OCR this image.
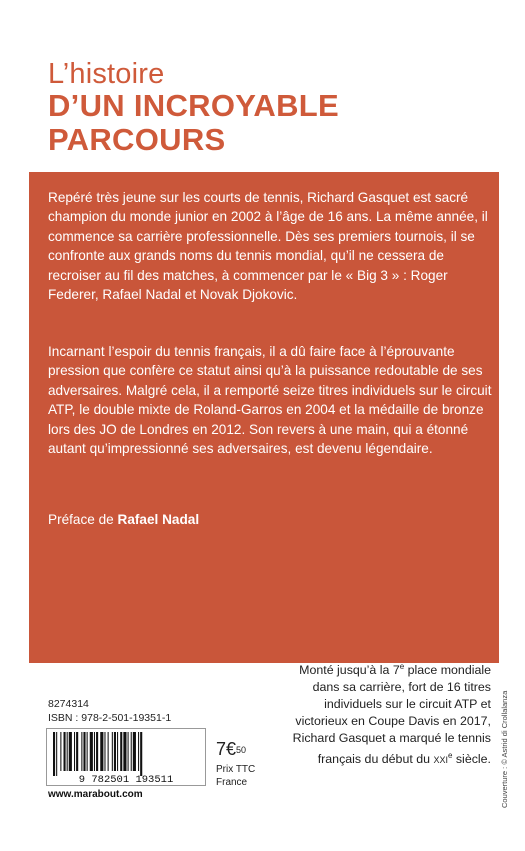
L’histoire
D’UN INCROYABLE
PARCOURS
Repéré très jeune sur les courts de tennis, Richard Gasquet est sacré champion du monde junior en 2002 à l’âge de 16 ans. La même année, il commence sa carrière professionnelle. Dès ses premiers tournois, il se confronte aux grands noms du tennis mondial, qu’il ne cessera de recroiser au fil des matches, à commencer par le « Big 3 » : Roger Federer, Rafael Nadal et Novak Djokovic.
Incarnant l’espoir du tennis français, il a dû faire face à l’éprouvante pression que confère ce statut ainsi qu’à la puissance redoutable de ses adversaires. Malgré cela, il a remporté seize titres individuels sur le circuit ATP, le double mixte de Roland-Garros en 2004 et la médaille de bronze lors des JO de Londres en 2012. Son revers à une main, qui a étonné autant qu’impressionné ses adversaires, est devenu légendaire.
Préface de Rafael Nadal
Monté jusqu’à la 7e place mondiale dans sa carrière, fort de 16 titres individuels sur le circuit ATP et victorieux en Coupe Davis en 2017, Richard Gasquet a marqué le tennis français du début du XXIe siècle.
8274314
ISBN : 978-2-501-19351-1
9 782501 193511
7€$^{50}$
Prix TTC
France
www.marabout.com	Couverture : © Astrid di Crollalanza
